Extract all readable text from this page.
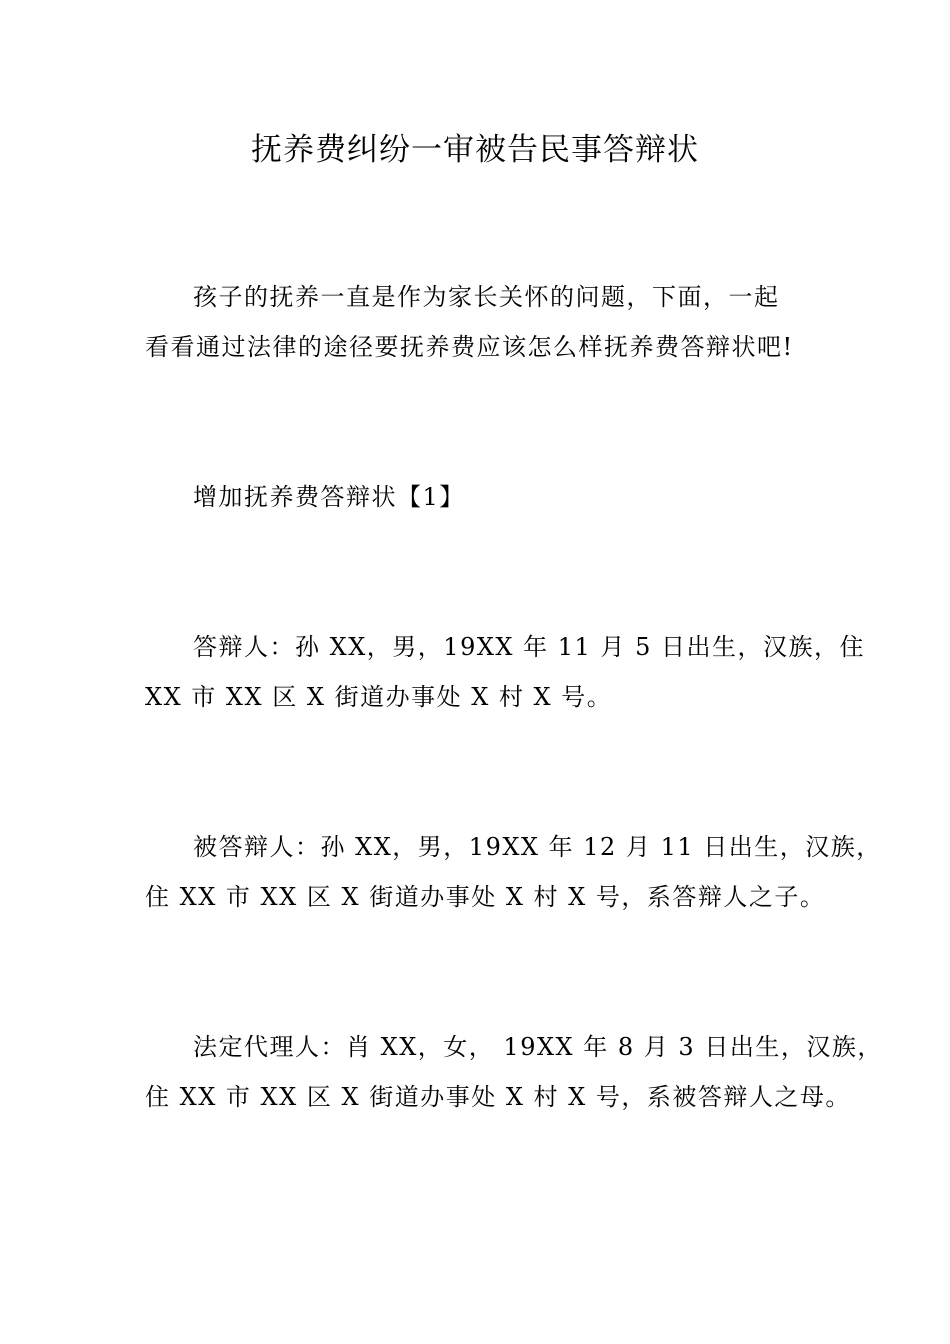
抚养费纠纷一审被告民事答辩状

孩子的抚养一直是作为家长关怀的问题，下面，一起
看看通过法律的途径要抚养费应该怎么样抚养费答辩状吧!

增加抚养费答辩状【1】

答辩人：孙 XX，男，19XX 年 11 月 5 日出生，汉族，住
XX 市 XX 区 X 街道办事处 X 村 X 号。

被答辩人：孙 XX，男，19XX 年 12 月 11 日出生，汉族，
住 XX 市 XX 区 X 街道办事处 X 村 X 号，系答辩人之子。

法定代理人：肖 XX，女， 19XX 年 8 月 3 日出生，汉族，
住 XX 市 XX 区 X 街道办事处 X 村 X 号，系被答辩人之母。
